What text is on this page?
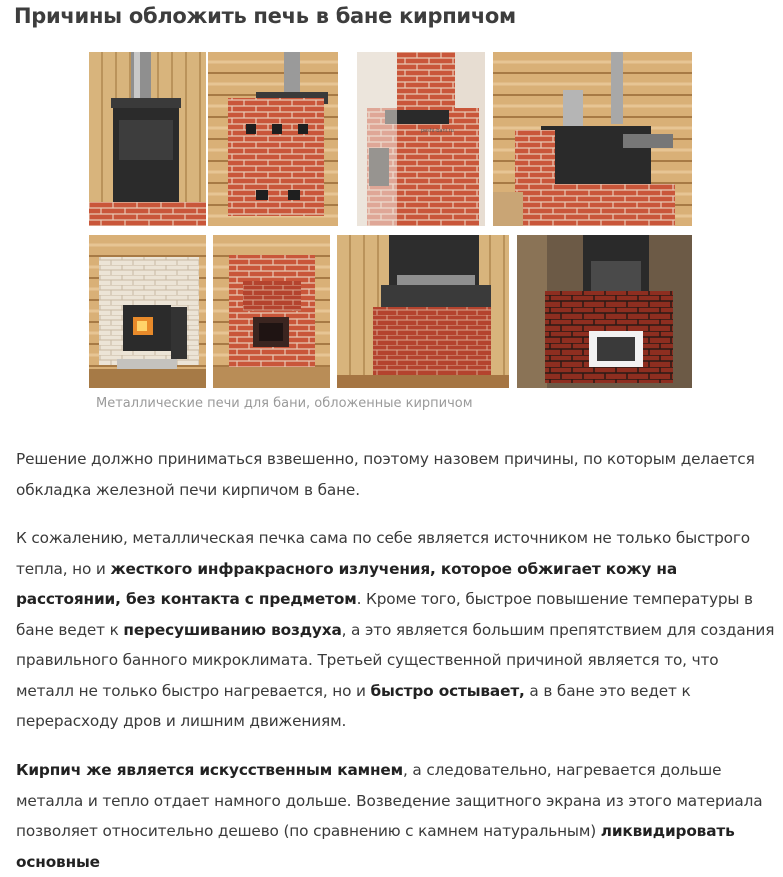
Причины обложить печь в бане кирпичом
peshi-bani.ru
Металлические печи для бани, обложенные кирпичом

Решение должно приниматься взвешенно, поэтому назовем причины, по которым делается обкладка железной печи кирпичом в бане.

К сожалению, металлическая печка сама по себе является источником не только быстрого тепла, но и жесткого инфракрасного излучения, которое обжигает кожу на расстоянии, без контакта с предметом. Кроме того, быстрое повышение температуры в бане ведет к пересушиванию воздуха, а это является большим препятствием для создания правильного банного микроклимата. Третьей существенной причиной является то, что металл не только быстро нагревается, но и быстро остывает, а в бане это ведет к перерасходу дров и лишним движениям.

Кирпич же является искусственным камнем, а следовательно, нагревается дольше металла и тепло отдает намного дольше. Возведение защитного экрана из этого материала позволяет относительно дешево (по сравнению с камнем натуральным) ликвидировать основные
